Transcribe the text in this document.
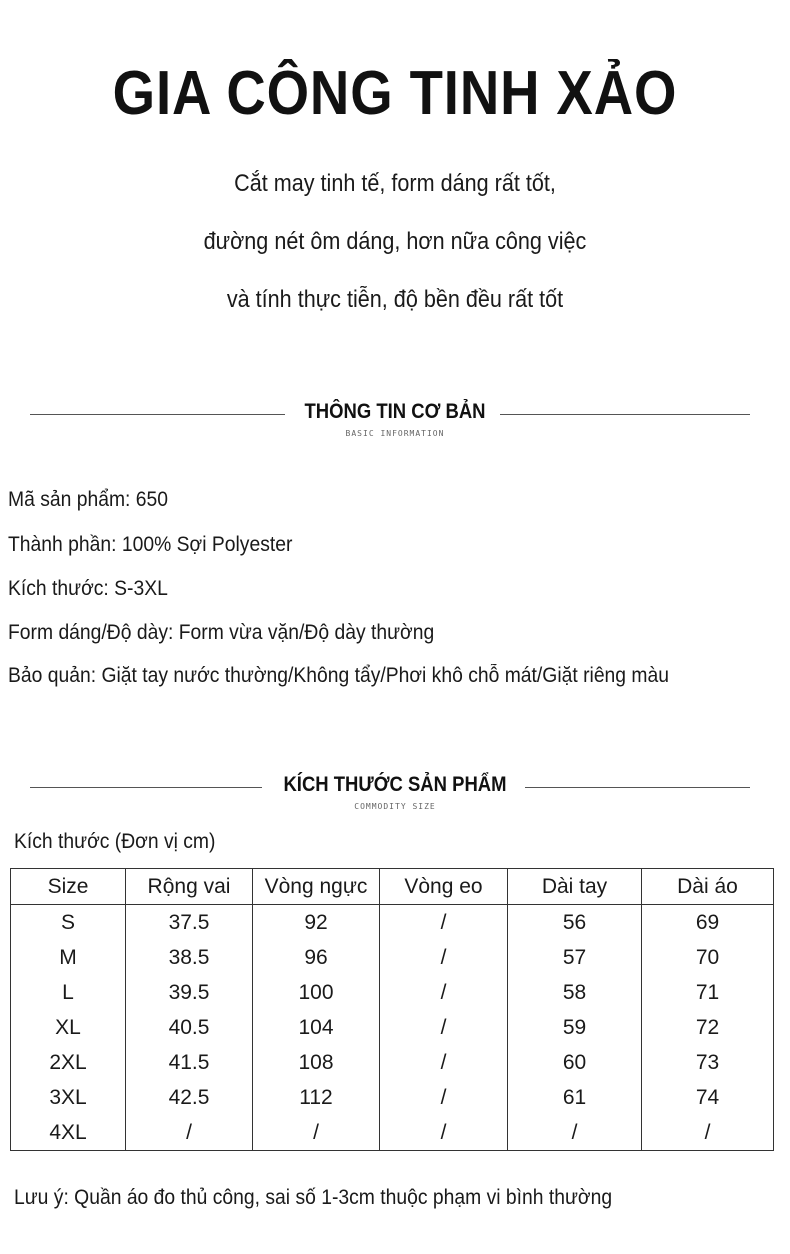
GIA CÔNG TINH XẢO
Cắt may tinh tế, form dáng rất tốt,
đường nét ôm dáng, hơn nữa công việc
và tính thực tiễn, độ bền đều rất tốt
THÔNG TIN CƠ BẢN
BASIC INFORMATION
Mã sản phẩm: 650
Thành phần: 100% Sợi Polyester
Kích thước: S-3XL
Form dáng/Độ dày: Form vừa vặn/Độ dày thường
Bảo quản: Giặt tay nước thường/Không tẩy/Phơi khô chỗ mát/Giặt riêng màu
KÍCH THƯỚC SẢN PHẨM
COMMODITY SIZE
Kích thước (Đơn vị cm)
Size	Rộng vai	Vòng ngực	Vòng eo	Dài tay	Dài áo
S	37.5	92	/	56	69
M	38.5	96	/	57	70
L	39.5	100	/	58	71
XL	40.5	104	/	59	72
2XL	41.5	108	/	60	73
3XL	42.5	112	/	61	74
4XL	/	/	/	/	/
Lưu ý: Quần áo đo thủ công, sai số 1-3cm thuộc phạm vi bình thường
